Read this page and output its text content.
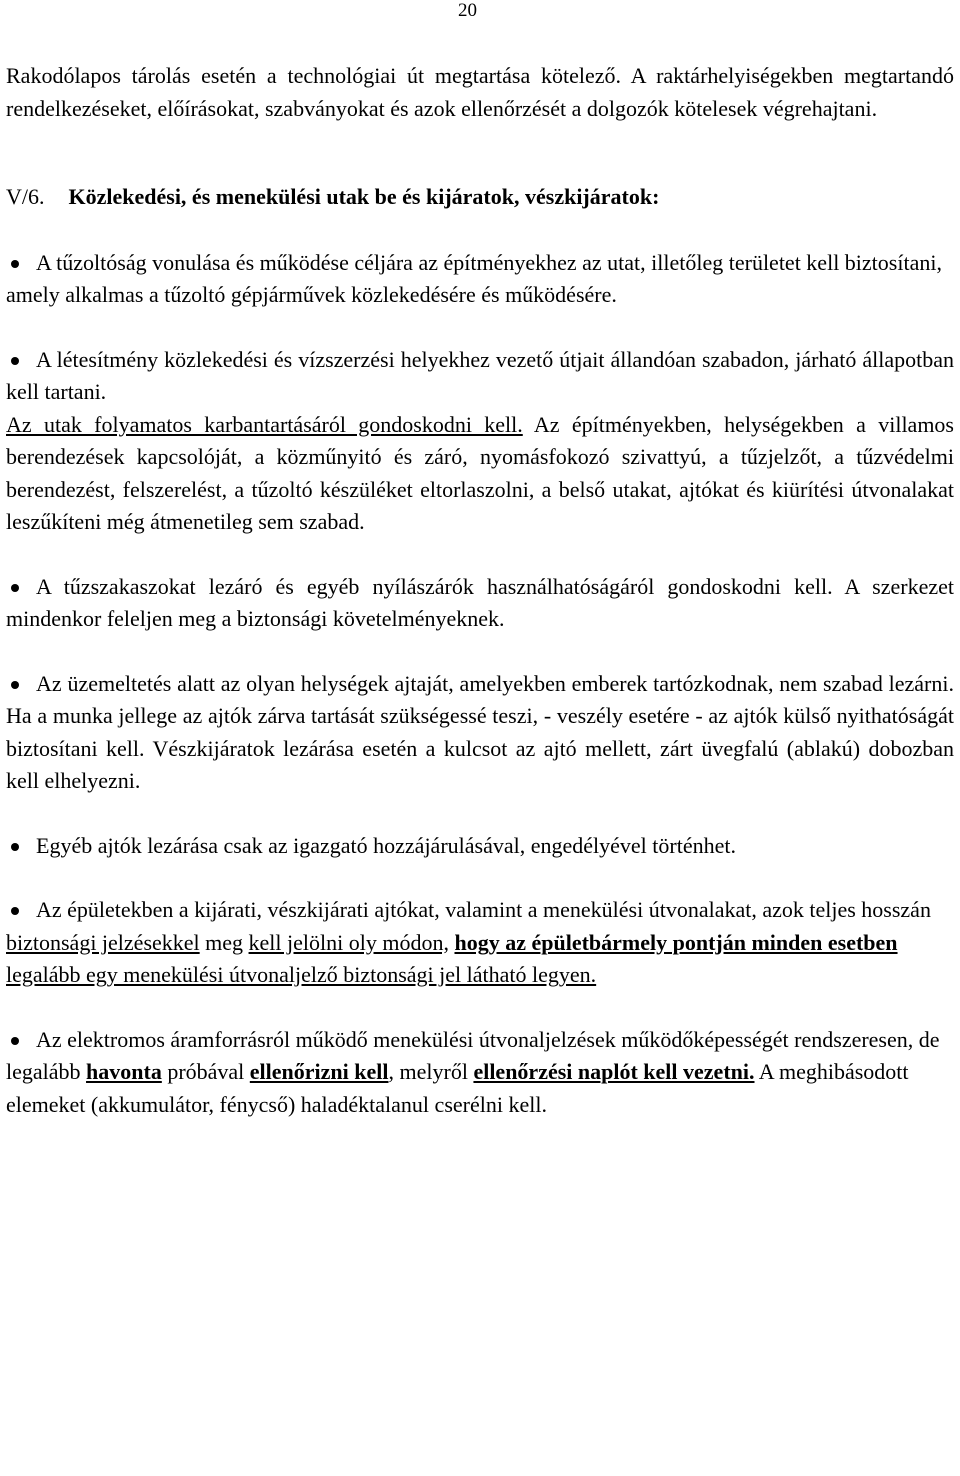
20

Rakodólapos tárolás esetén a technológiai út megtartása kötelező. A raktárhelyiségekben megtartandó rendelkezéseket, előírásokat, szabványokat és azok ellenőrzését a dolgozók kötelesek végrehajtani.

V/6. Közlekedési, és menekülési utak be és kijáratok, vészkijáratok:

A tűzoltóság vonulása és működése céljára az építményekhez az utat, illetőleg területet kell biztosítani, amely alkalmas a tűzoltó gépjárművek közlekedésére és működésére.

A létesítmény közlekedési és vízszerzési helyekhez vezető útjait állandóan szabadon, járható állapotban kell tartani.

Az utak folyamatos karbantartásáról gondoskodni kell. Az építményekben, helységekben a villamos berendezések kapcsolóját, a közműnyitó és záró, nyomásfokozó szivattyú, a tűzjelzőt, a tűzvédelmi berendezést, felszerelést, a tűzoltó készüléket eltorlaszolni, a belső utakat, ajtókat és kiürítési útvonalakat leszűkíteni még átmenetileg sem szabad.

A tűzszakaszokat lezáró és egyéb nyílászárók használhatóságáról gondoskodni kell. A szerkezet mindenkor feleljen meg a biztonsági követelményeknek.

Az üzemeltetés alatt az olyan helységek ajtaját, amelyekben emberek tartózkodnak, nem szabad lezárni. Ha a munka jellege az ajtók zárva tartását szükségessé teszi, - veszély esetére - az ajtók külső nyithatóságát biztosítani kell. Vészkijáratok lezárása esetén a kulcsot az ajtó mellett, zárt üvegfalú (ablakú) dobozban kell elhelyezni.

Egyéb ajtók lezárása csak az igazgató hozzájárulásával, engedélyével történhet.

Az épületekben a kijárati, vészkijárati ajtókat, valamint a menekülési útvonalakat, azok teljes hosszán biztonsági jelzésekkel meg kell jelölni oly módon, hogy az épületbármely pontján minden esetben legalább egy menekülési útvonaljelző biztonsági jel látható legyen.

Az elektromos áramforrásról működő menekülési útvonaljelzések működőképességét rendszeresen, de legalább havonta próbával ellenőrizni kell, melyről ellenőrzési naplót kell vezetni. A meghibásodott elemeket (akkumulátor, fénycső) haladéktalanul cserélni kell.
